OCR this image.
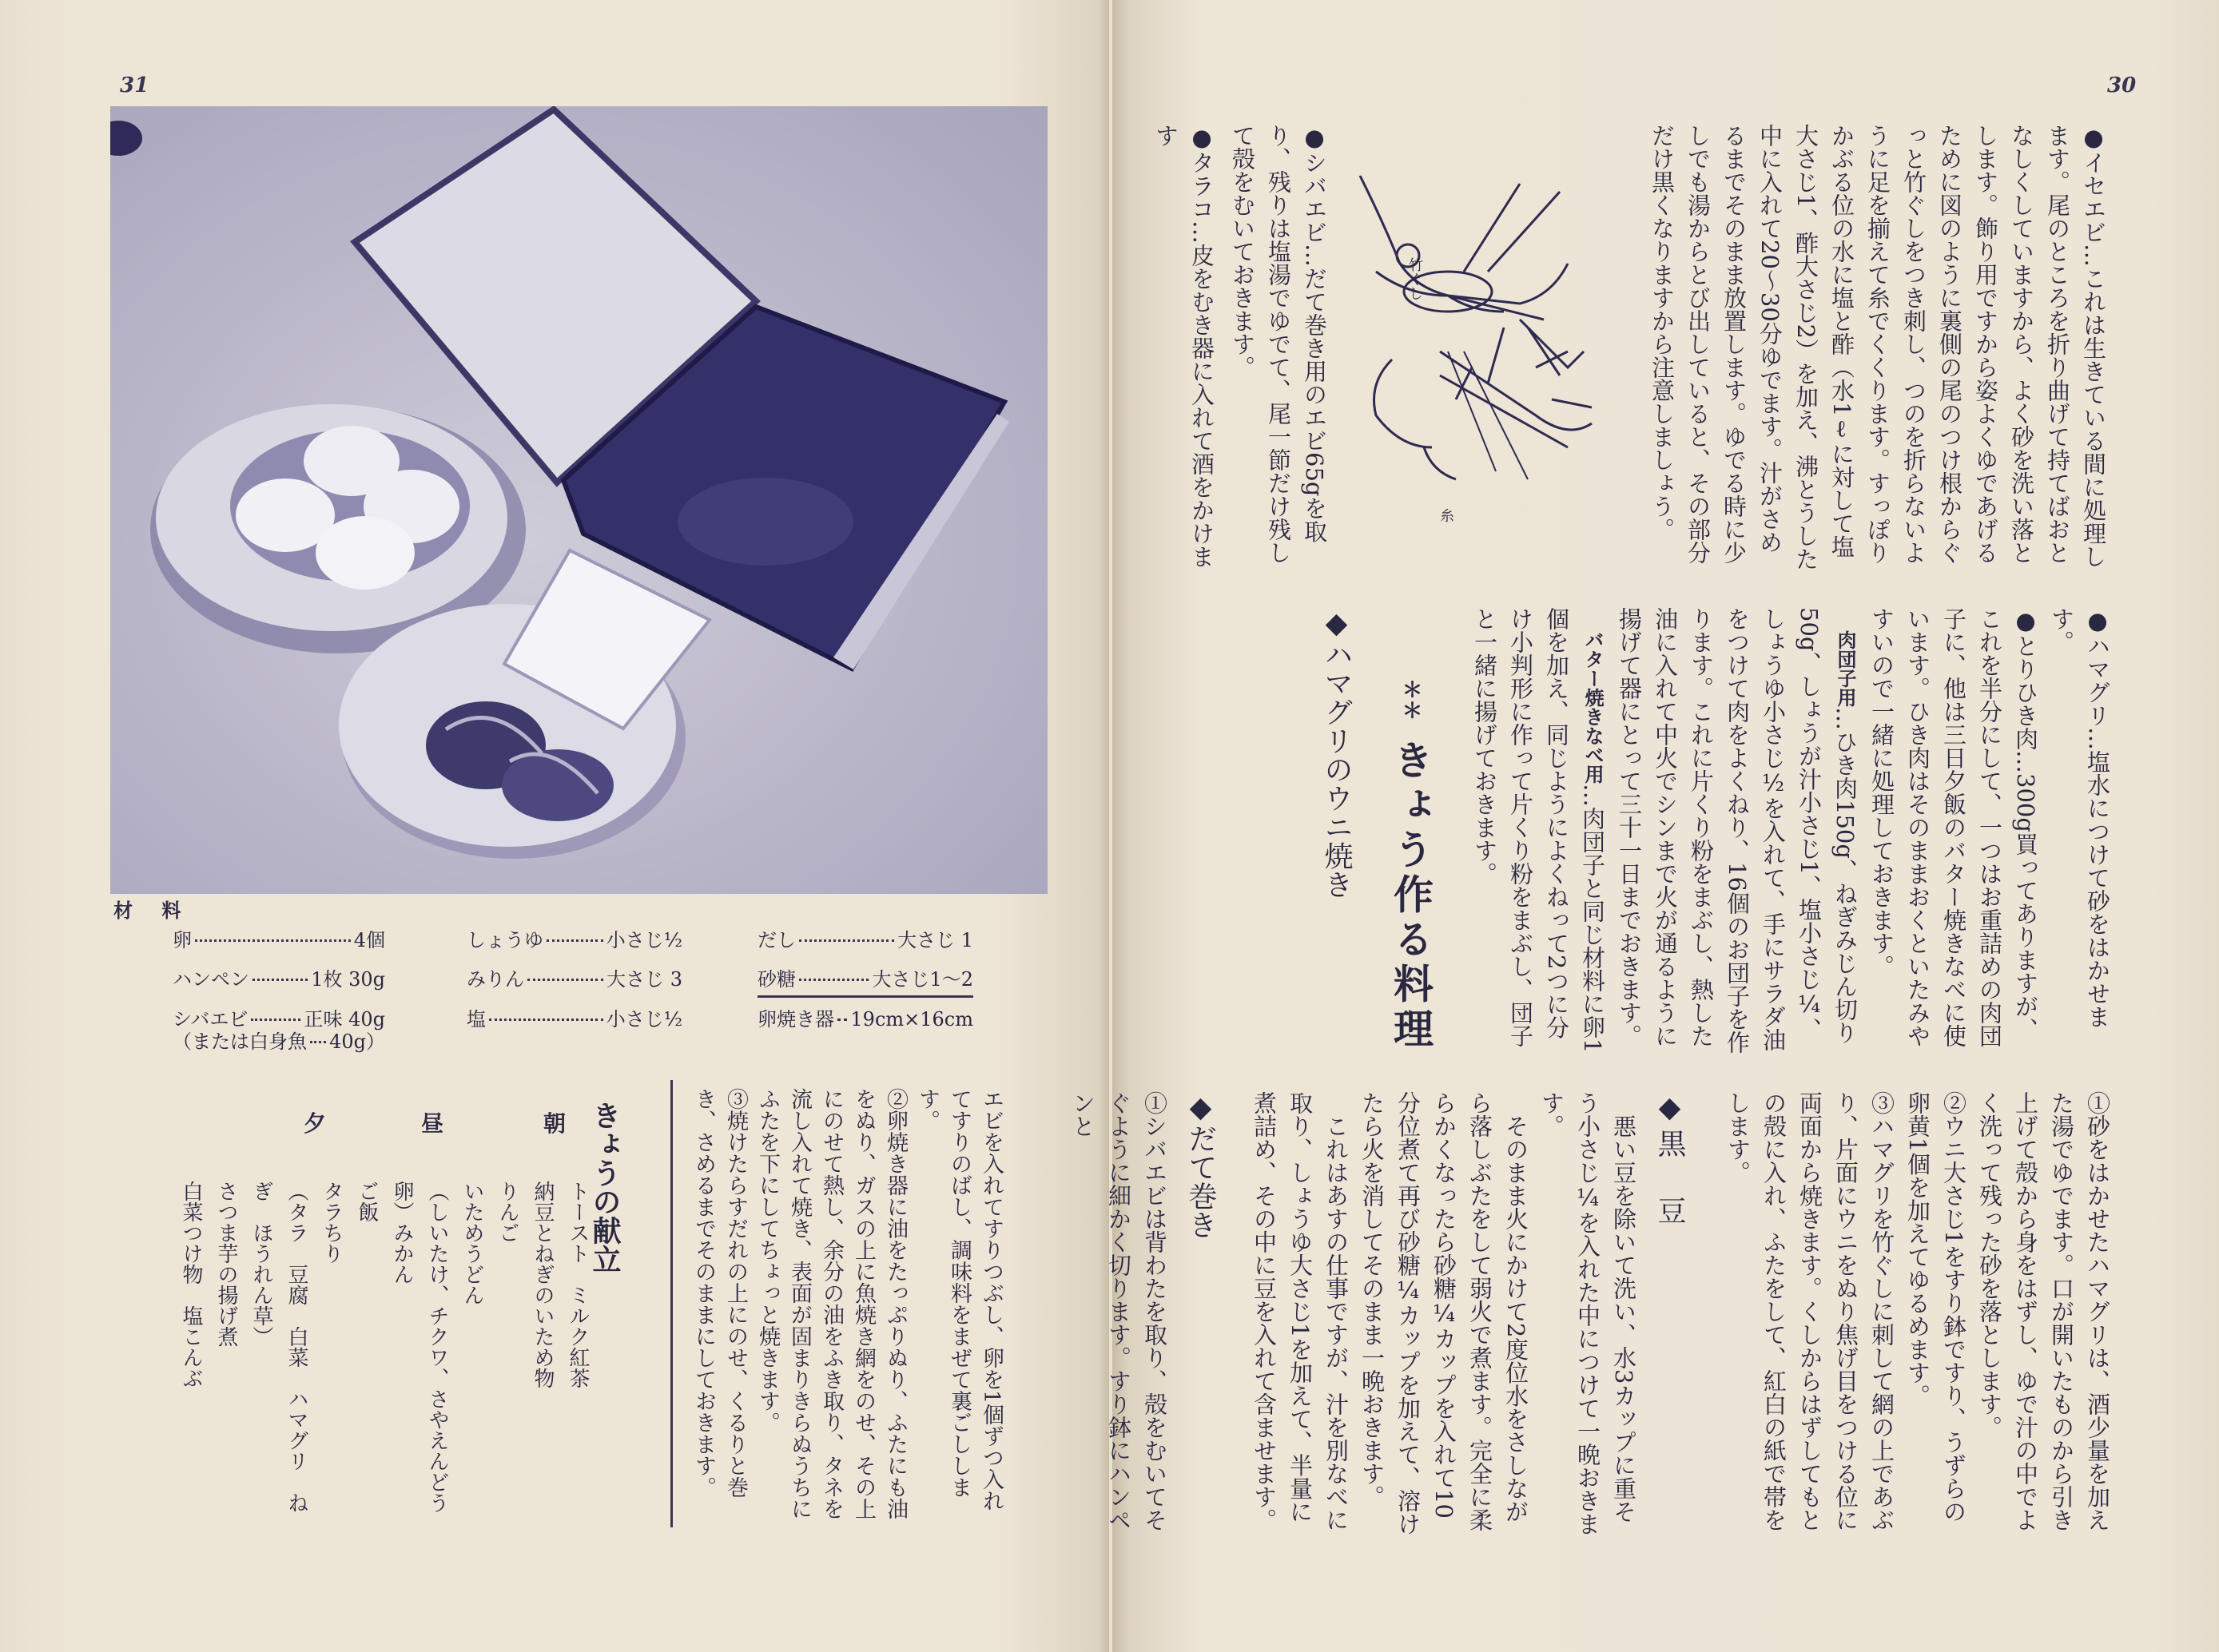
31
材 料
卵	4個
ハンペン	1枚 30g
シバエビ	正味 40g
（または白身魚 40g）
しょうゆ	小さじ½
みりん	大さじ 3
塩	小さじ½
だし	大さじ 1
砂糖	大さじ1〜2
卵焼き器 19cm×16cm

エビを入れてすりつぶし、卵を1個ずつ入れてすりのばし、調味料をまぜて裏ごしします。

②卵焼き器に油をたっぷりぬり、ふたにも油をぬり、ガスの上に魚焼き網をのせ、その上にのせて熱し、余分の油をふき取り、タネを流し入れて焼き、表面が固まりきらぬうちにふたを下にしてちょっと焼きます。

③焼けたらすだれの上にのせ、くるりと巻き、さめるまでそのままにしておきます。

きょうの献立

朝
昼
夕

トースト　ミルク紅茶

納豆とねぎのいため物

りんご

いためうどん

（しいたけ、チクワ、さやえんどう

卵）みかん

ご飯

タラちり

（タラ　豆腐　白菜　ハマグリ　ね

ぎ　ほうれん草）

さつま芋の揚げ煮

白菜つけ物　塩こんぶ

30

●イセエビ…これは生きている間に処理します。尾のところを折り曲げて持てばおとなしくしていますから、よく砂を洗い落とします。飾り用ですから姿よくゆであげるために図のように裏側の尾のつけ根からぐっと竹ぐしをつき刺し、つのを折らないように足を揃えて糸でくくります。すっぽりかぶる位の水に塩と酢（水1ℓに対して塩大さじ1、酢大さじ2）を加え、沸とうした中に入れて20〜30分ゆでます。汁がさめるまでそのまま放置します。ゆでる時に少しでも湯からとび出していると、その部分だけ黒くなりますから注意しましょう。

竹ぐし
糸

●シバエビ…だて巻き用のエビ65gを取り、残りは塩湯でゆでて、尾一節だけ残して殻をむいておきます。

●タラコ…皮をむき器に入れて酒をかけます

●ハマグリ…塩水につけて砂をはかせます。

●とりひき肉…300g買ってありますが、これを半分にして、一つはお重詰めの肉団子に、他は三日夕飯のバター焼きなべに使います。ひき肉はそのままおくといたみやすいので一緒に処理しておきます。

肉団子用…ひき肉150g、ねぎみじん切り50g、しょうが汁小さじ1、塩小さじ¼、しょうゆ小さじ½を入れて、手にサラダ油をつけて肉をよくねり、16個のお団子を作ります。これに片くり粉をまぶし、熱した油に入れて中火でシンまで火が通るように揚げて器にとって三十一日までおきます。

バター焼きなべ用…肉団子と同じ材料に卵1個を加え、同じようによくねって2つに分け小判形に作って片くり粉をまぶし、団子と一緒に揚げておきます。

＊＊ きょう作る料理

◆ハマグリのウニ焼き

①砂をはかせたハマグリは、酒少量を加えた湯でゆでます。口が開いたものから引き上げて殻から身をはずし、ゆで汁の中でよく洗って残った砂を落とします。

②ウニ大さじ1をすり鉢ですり、うずらの卵黄1個を加えてゆるめます。

③ハマグリを竹ぐしに刺して網の上であぶり、片面にウニをぬり焦げ目をつける位に両面から焼きます。くしからはずしてもとの殻に入れ、ふたをして、紅白の紙で帯をします。

◆黒　豆

悪い豆を除いて洗い、水3カップに重そう小さじ¼を入れた中につけて一晩おきます。

そのまま火にかけて2度位水をさしながら落しぶたをして弱火で煮ます。完全に柔らかくなったら砂糖¼カップを入れて10分位煮て再び砂糖¼カップを加えて、溶けたら火を消してそのまま一晩おきます。

これはあすの仕事ですが、汁を別なべに取り、しょうゆ大さじ1を加えて、半量に煮詰め、その中に豆を入れて含ませます。

◆だて巻き

①シバエビは背わたを取り、殻をむいてそぐように細かく切ります。すり鉢にハンペンと
